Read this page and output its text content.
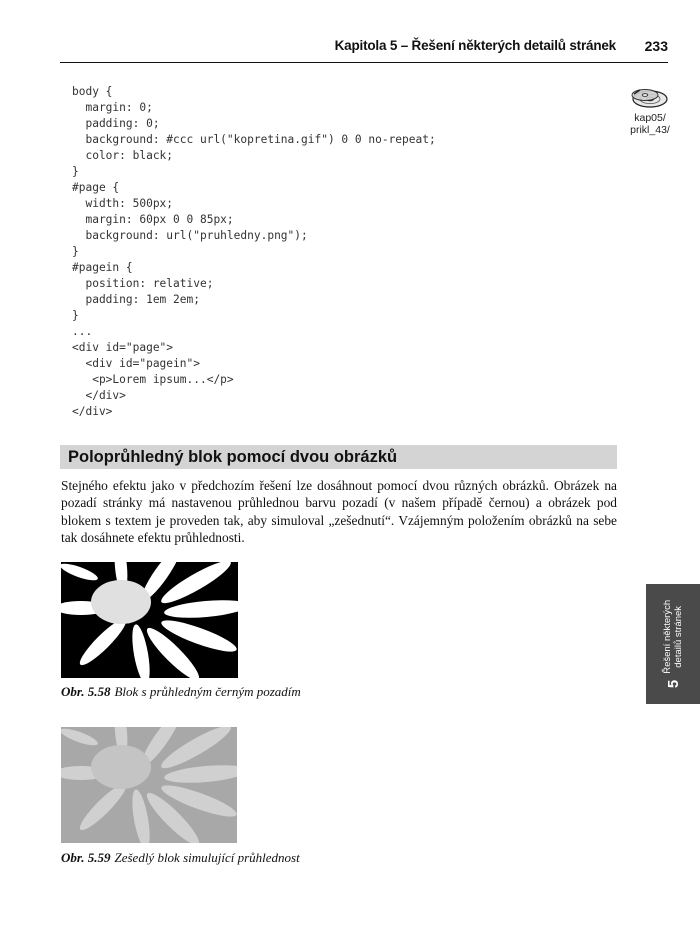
Kapitola 5 – Řešení některých detailů stránek 233
body {
margin: 0;
padding: 0;
background: #ccc url("kopretina.gif") 0 0 no-repeat;
color: black;
}
#page {
width: 500px;
margin: 60px 0 0 85px;
background: url("pruhledny.png");
}
#pagein {
position: relative;
padding: 1em 2em;
}
...
<div id="page">
<div id="pagein">
<p>Lorem ipsum...</p>
</div>
</div>
kap05/
prikl_43/
Poloprůhledný blok pomocí dvou obrázků

Stejného efektu jako v předchozím řešení lze dosáhnout pomocí dvou různých obrázků. Obrázek na pozadí stránky má nastavenou průhlednou barvu pozadí (v našem případě černou) a obrázek pod blokem s textem je proveden tak, aby simuloval „zešednutí“. Vzájemným položením obrázků na sebe tak dosáhnete efektu průhlednosti.

Obr. 5.58 Blok s průhledným černým pozadím
Obr. 5.59 Zešedlý blok simulující průhlednost
5
Řešení některých detailů stránek
